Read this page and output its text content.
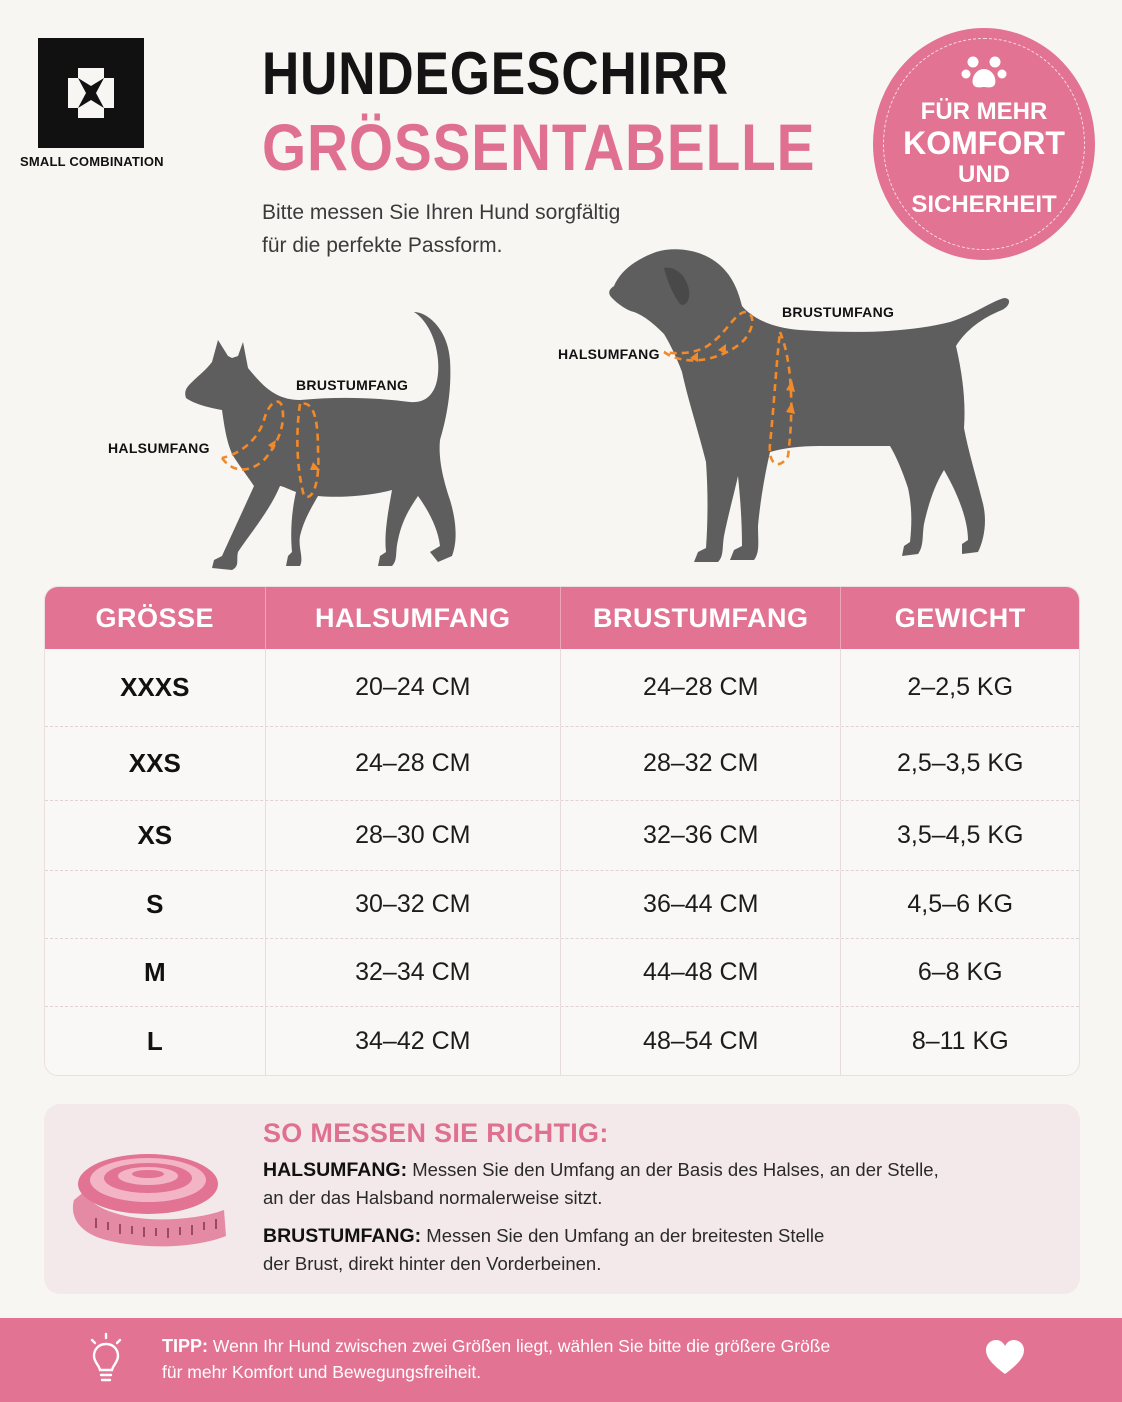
SMALL COMBINATION
HUNDEGESCHIRR
GRÖSSENTABELLE
Bitte messen Sie Ihren Hund sorgfältig
für die perfekte Passform.
FÜR MEHR
KOMFORT
UND
SICHERHEIT
HALSUMFANG
BRUSTUMFANG
HALSUMFANG
BRUSTUMFANG
GRÖSSE	HALSUMFANG	BRUSTUMFANG	GEWICHT
XXXS	20–24 CM	24–28 CM	2–2,5 KG
XXS	24–28 CM	28–32 CM	2,5–3,5 KG
XS	28–30 CM	32–36 CM	3,5–4,5 KG
S	30–32 CM	36–44 CM	4,5–6 KG
M	32–34 CM	44–48 CM	6–8 KG
L	34–42 CM	48–54 CM	8–11 KG
SO MESSEN SIE RICHTIG:
HALSUMFANG: Messen Sie den Umfang an der Basis des Halses, an der Stelle,
an der das Halsband normalerweise sitzt.
BRUSTUMFANG: Messen Sie den Umfang an der breitesten Stelle
der Brust, direkt hinter den Vorderbeinen.
TIPP: Wenn Ihr Hund zwischen zwei Größen liegt, wählen Sie bitte die größere Größe
für mehr Komfort und Bewegungsfreiheit.
